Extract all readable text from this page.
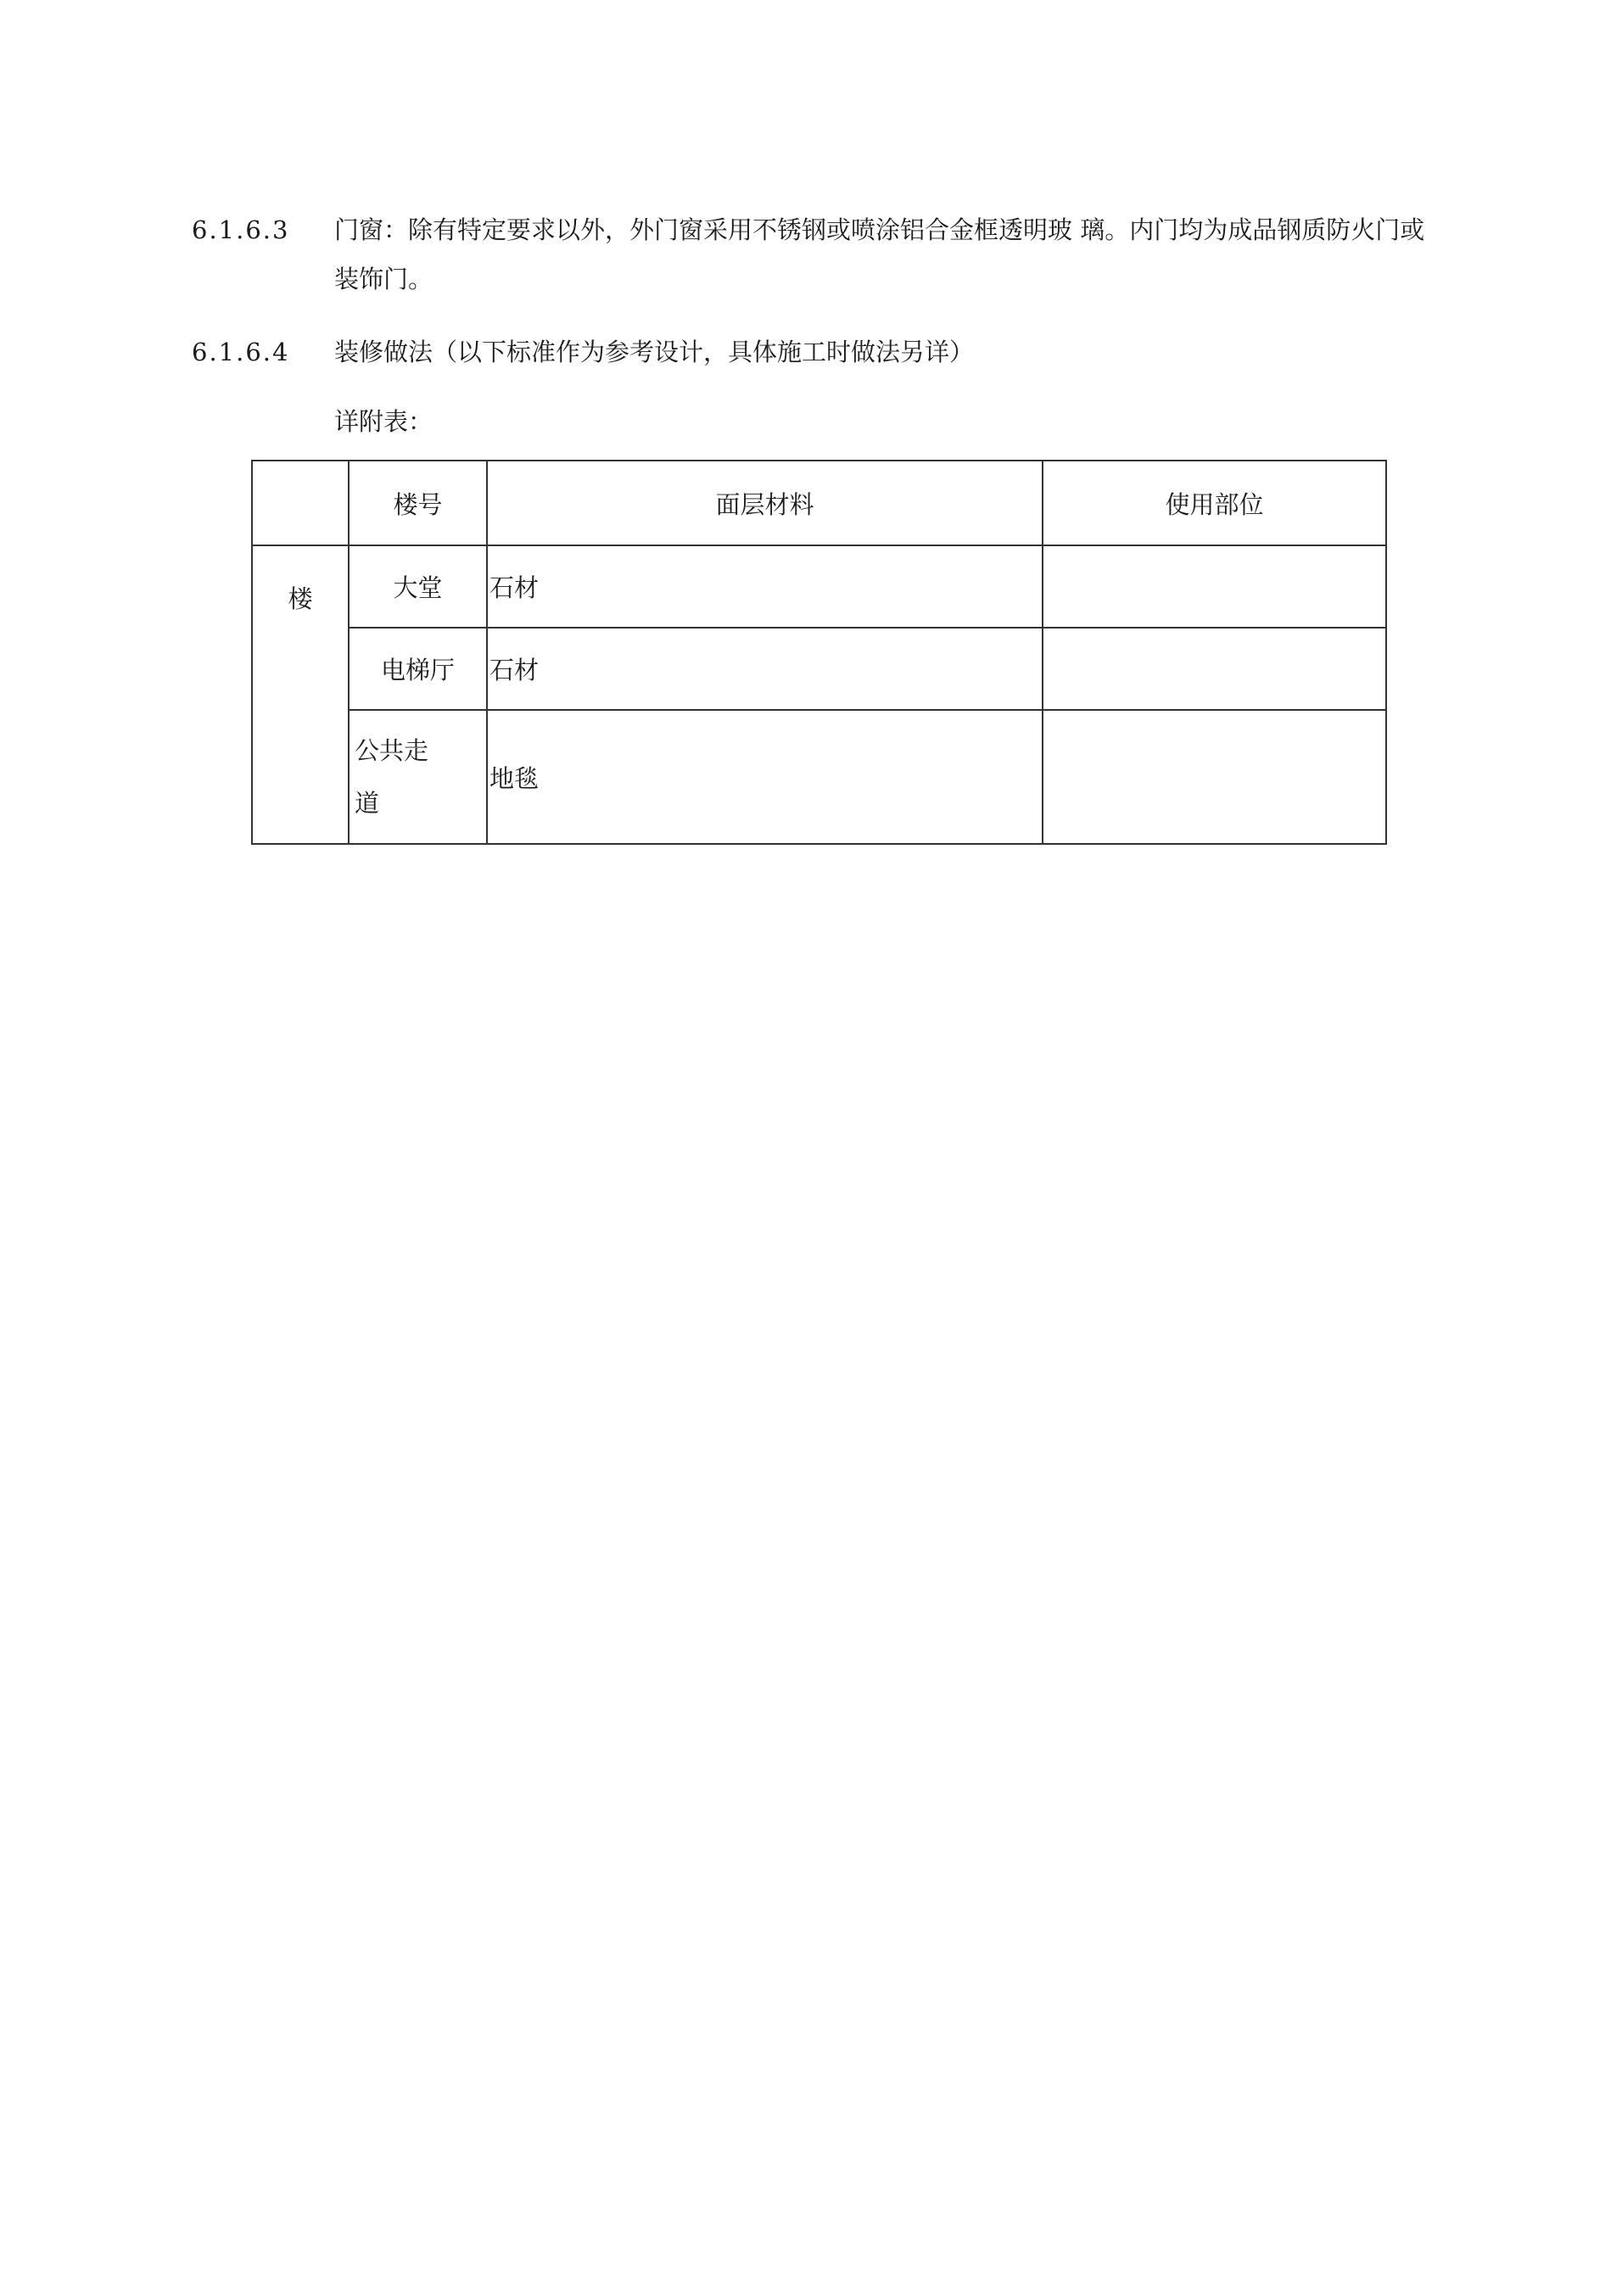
6.1.6.3	门窗：除有特定要求以外，外门窗采用不锈钢或喷涂铝合金框透明玻 璃。内门均为成品钢质防火门或装饰门。
6.1.6.4	装修做法（以下标准作为参考设计，具体施工时做法另详）
详附表：
	楼号	面层材料	使用部位
楼	大堂	石材	
	电梯厅	石材	
	公共走道	地毯	
